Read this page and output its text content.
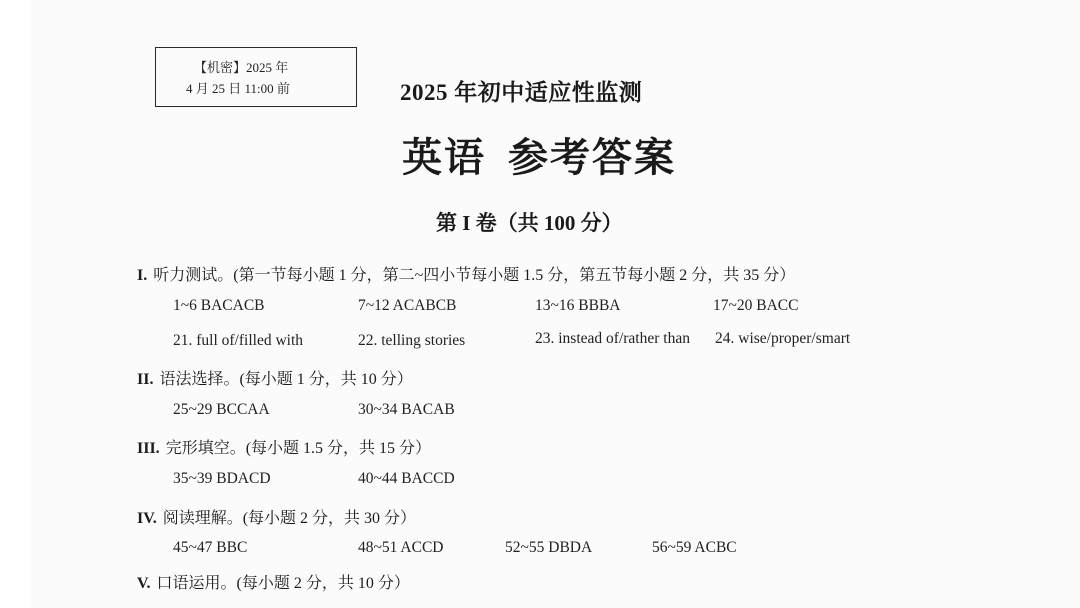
【机密】2025 年
4 月 25 日 11:00 前	2025 年初中适应性监测
英语 参考答案
第 I 卷（共 100 分）
I. 听力测试。(第一节每小题 1 分，第二~四小节每小题 1.5 分，第五节每小题 2 分，共 35 分）
1~6 BACACB	7~12 ACABCB	13~16 BBBA	17~20 BACC
21. full of/filled with	22. telling stories	23. instead of/rather than 24. wise/proper/smart
II. 语法选择。(每小题 1 分，共 10 分）
25~29 BCCAA	30~34 BACAB
III. 完形填空。(每小题 1.5 分，共 15 分）
35~39 BDACD	40~44 BACCD
IV. 阅读理解。(每小题 2 分，共 30 分）
45~47 BBC	48~51 ACCD	52~55 DBDA	56~59 ACBC
V. 口语运用。(每小题 2 分，共 10 分）
